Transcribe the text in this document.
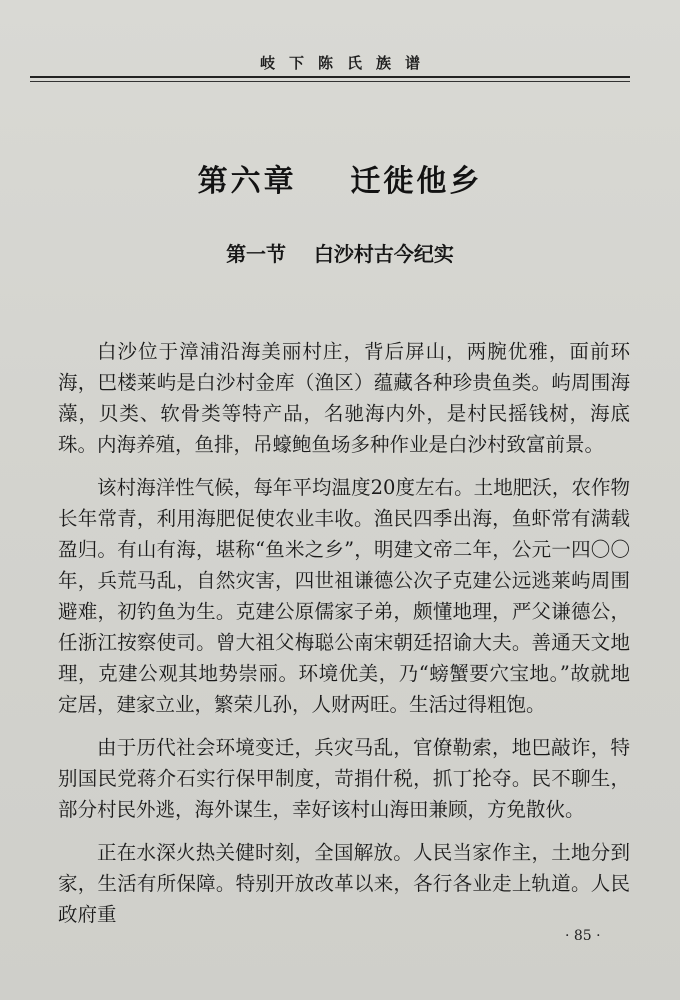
岐下陈氏族谱
第六章    迁徙他乡
第一节    白沙村古今纪实

白沙位于漳浦沿海美丽村庄，背后屏山，两腕优雅，面前环海，巴楼莱屿是白沙村金库（渔区）蕴藏各种珍贵鱼类。屿周围海藻，贝类、软骨类等特产品，名驰海内外，是村民摇钱树，海底珠。内海养殖，鱼排，吊蠔鲍鱼场多种作业是白沙村致富前景。

该村海洋性气候，每年平均温度20度左右。土地肥沃，农作物长年常青，利用海肥促使农业丰收。渔民四季出海，鱼虾常有满载盈归。有山有海，堪称“鱼米之乡”，明建文帝二年，公元一四〇〇年，兵荒马乱，自然灾害，四世祖谦德公次子克建公远逃莱屿周围避难，初钓鱼为生。克建公原儒家子弟，颇懂地理，严父谦德公，任浙江按察使司。曾大祖父梅聪公南宋朝廷招谕大夫。善通天文地理，克建公观其地势崇丽。环境优美，乃“螃蟹要穴宝地。”故就地定居，建家立业，繁荣儿孙，人财两旺。生活过得粗饱。

由于历代社会环境变迁，兵灾马乱，官僚勒索，地巴敲诈，特别国民党蒋介石实行保甲制度，苛捐什税，抓丁抡夺。民不聊生，部分村民外逃，海外谋生，幸好该村山海田兼顾，方免散伙。

正在水深火热关健时刻，全国解放。人民当家作主，土地分到家，生活有所保障。特别开放改革以来，各行各业走上轨道。人民政府重

· 85 ·
